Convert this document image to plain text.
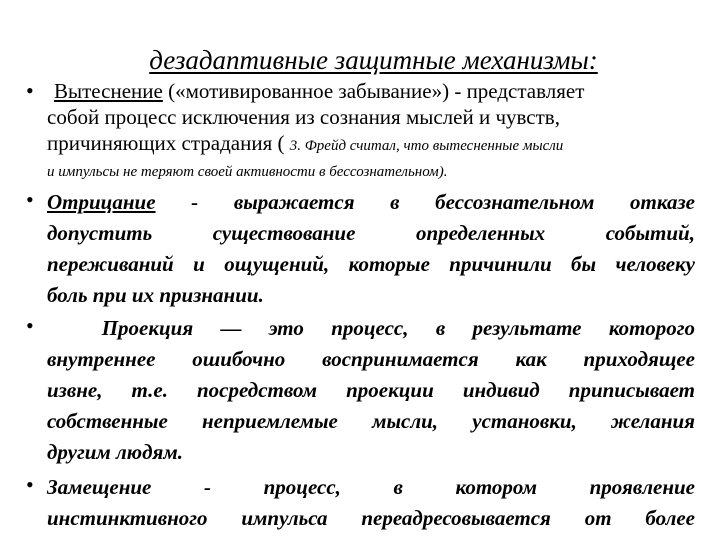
дезадаптивные защитные механизмы:

• Вытеснение («мотивированное забывание») - представляет
собой процесс исключения из сознания мыслей и чувств,
причиняющих страдания ( 3. Фрейд считал, что вытесненные мысли
и импульсы не теряют своей активности в бессознательном).
• Отрицание - выражается в бессознательном отказе
допустить существование определенных событий,
переживаний и ощущений, которые причинили бы человеку
боль при их признании.
• Проекция — это процесс, в результате которого
внутреннее ошибочно воспринимается как приходящее
извне, т.е. посредством проекции индивид приписывает
собственные неприемлемые мысли, установки, желания
другим людям.
• Замещение - процесс, в котором проявление
инстинктивного импульса переадресовывается от более
